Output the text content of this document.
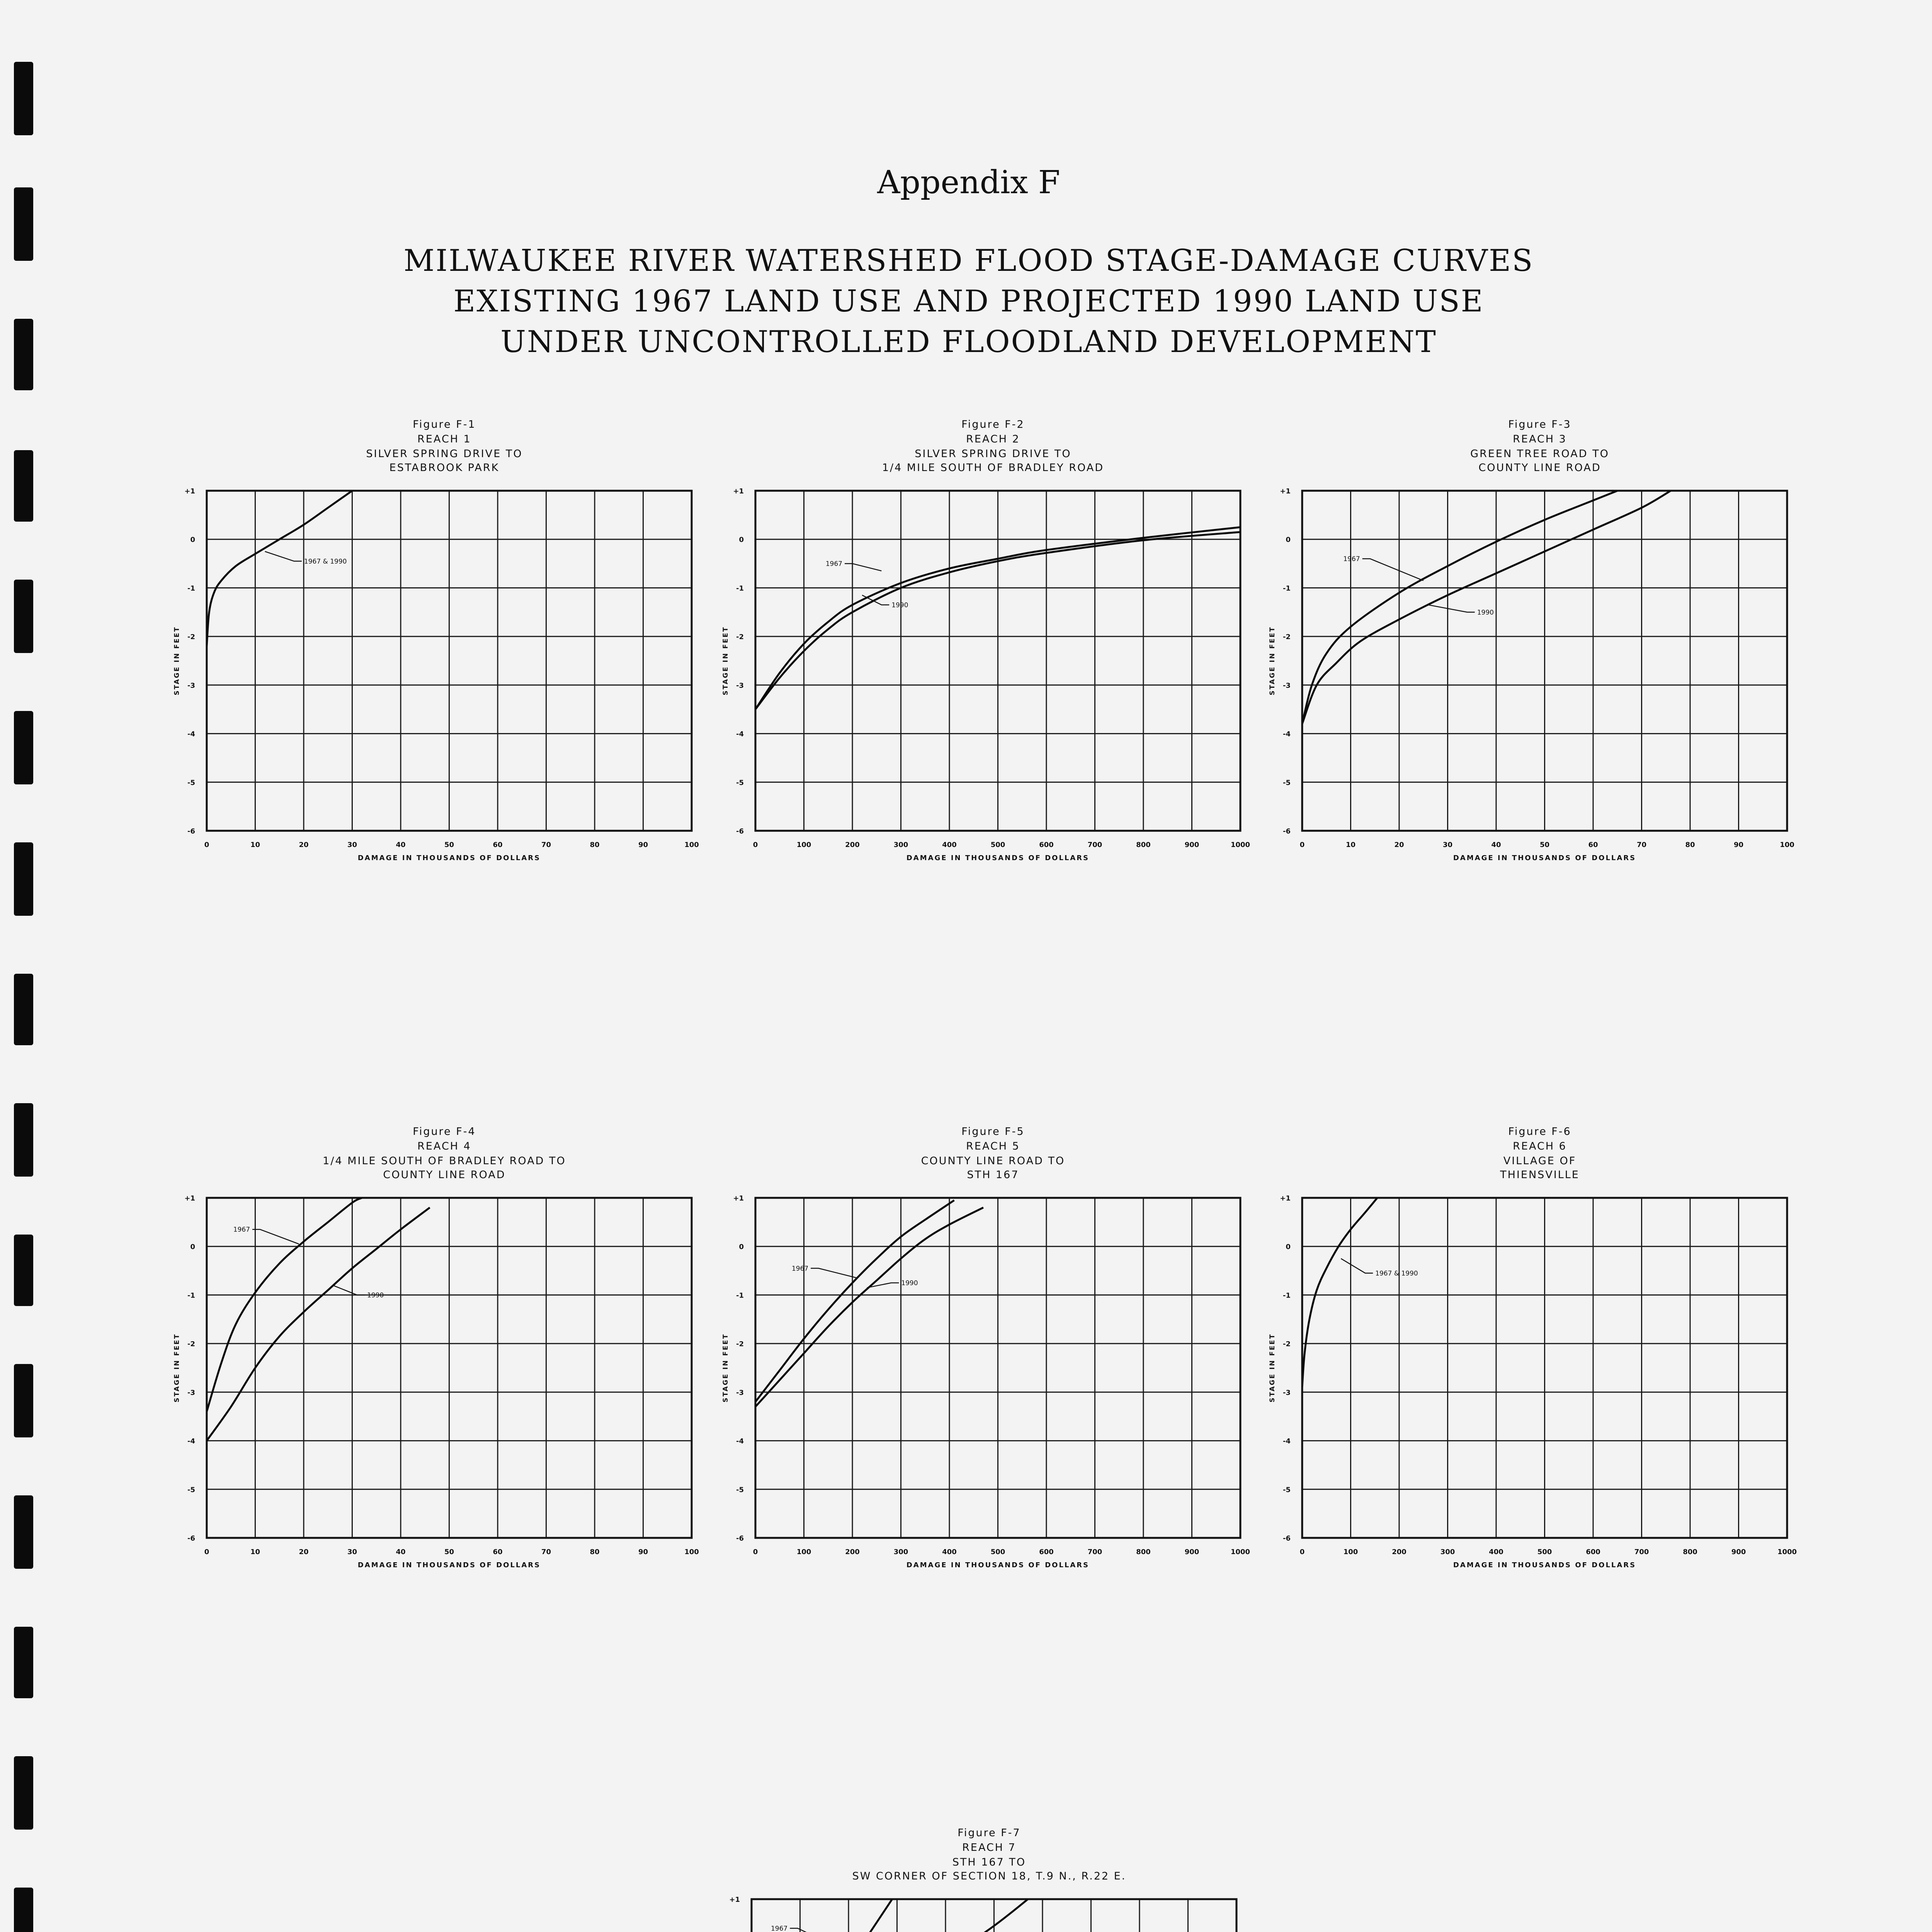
Appendix F
MILWAUKEE RIVER WATERSHED FLOOD STAGE-DAMAGE CURVES
EXISTING 1967 LAND USE AND PROJECTED 1990 LAND USE
UNDER UNCONTROLLED FLOODLAND DEVELOPMENT
Figure F-1
REACH 1
SILVER SPRING DRIVE TO
ESTABROOK PARK
0	10	20	30	40	50	60	70	80	90	100
+1
0
-1
-2
-3
-4
-5
-6
DAMAGE IN THOUSANDS OF DOLLARS
STAGE IN FEET
1967 & 1990
Figure F-2
REACH 2
SILVER SPRING DRIVE TO
1/4 MILE SOUTH OF BRADLEY ROAD
0	100	200	300	400	500	600	700	800	900	1000
+1
0
-1
-2
-3
-4
-5
-6
DAMAGE IN THOUSANDS OF DOLLARS
STAGE IN FEET
1967
1990
Figure F-3
REACH 3
GREEN TREE ROAD TO
COUNTY LINE ROAD
0	10	20	30	40	50	60	70	80	90	100
+1
0
-1
-2
-3
-4
-5
-6
DAMAGE IN THOUSANDS OF DOLLARS
STAGE IN FEET
1967
1990
Figure F-4
REACH 4
1/4 MILE SOUTH OF BRADLEY ROAD TO
COUNTY LINE ROAD
0	10	20	30	40	50	60	70	80	90	100
+1
0
-1
-2
-3
-4
-5
-6
DAMAGE IN THOUSANDS OF DOLLARS
STAGE IN FEET
1967
1990
Figure F-5
REACH 5
COUNTY LINE ROAD TO
STH 167
0	100	200	300	400	500	600	700	800	900	1000
+1
0
-1
-2
-3
-4
-5
-6
DAMAGE IN THOUSANDS OF DOLLARS
STAGE IN FEET
1967
1990
Figure F-6
REACH 6
VILLAGE OF
THIENSVILLE
0	100	200	300	400	500	600	700	800	900	1000
+1
0
-1
-2
-3
-4
-5
-6
DAMAGE IN THOUSANDS OF DOLLARS
STAGE IN FEET
1967 & 1990
Figure F-7
REACH 7
STH 167 TO
SW CORNER OF SECTION 18, T.9 N., R.22 E.
+1
1967
